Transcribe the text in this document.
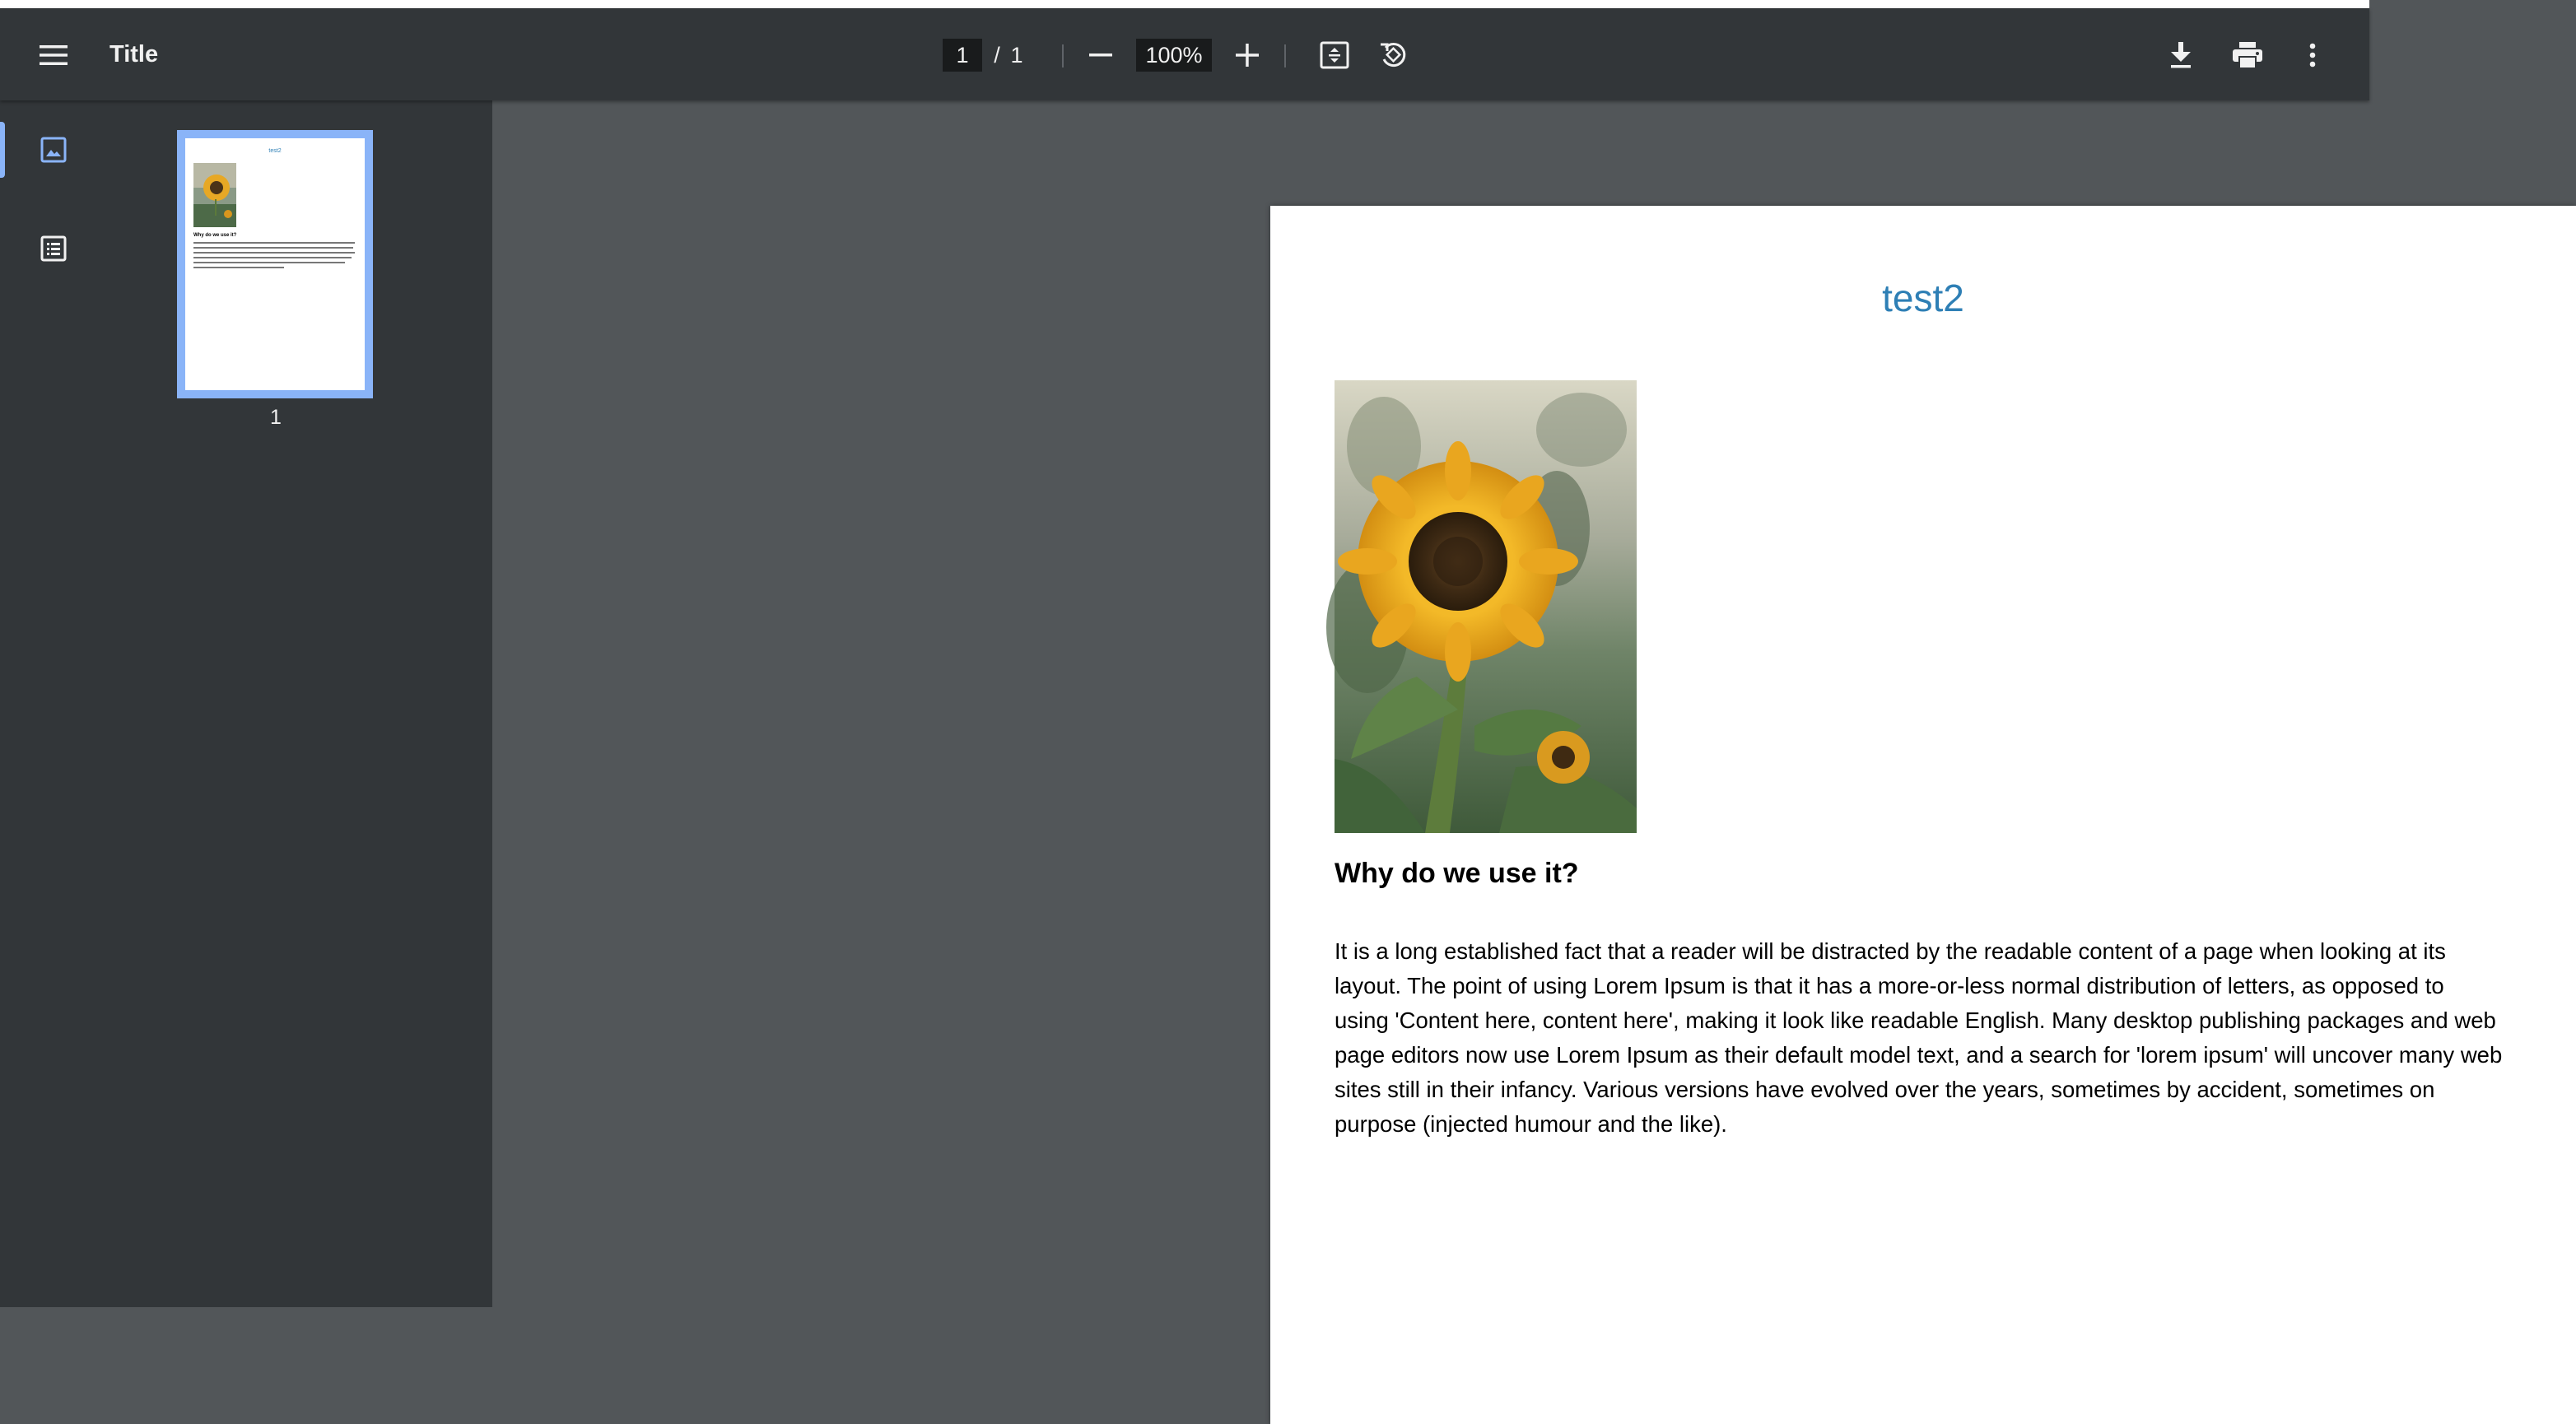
Title
1	/ 1
100%
test2
Why do we use it?
1
test2
Why do we use it?
It is a long established fact that a reader will be distracted by the readable content of a page when looking at its layout. The point of using Lorem Ipsum is that it has a more-or-less normal distribution of letters, as opposed to using 'Content here, content here', making it look like readable English. Many desktop publishing packages and web page editors now use Lorem Ipsum as their default model text, and a search for 'lorem ipsum' will uncover many web sites still in their infancy. Various versions have evolved over the years, sometimes by accident, sometimes on purpose (injected humour and the like).
